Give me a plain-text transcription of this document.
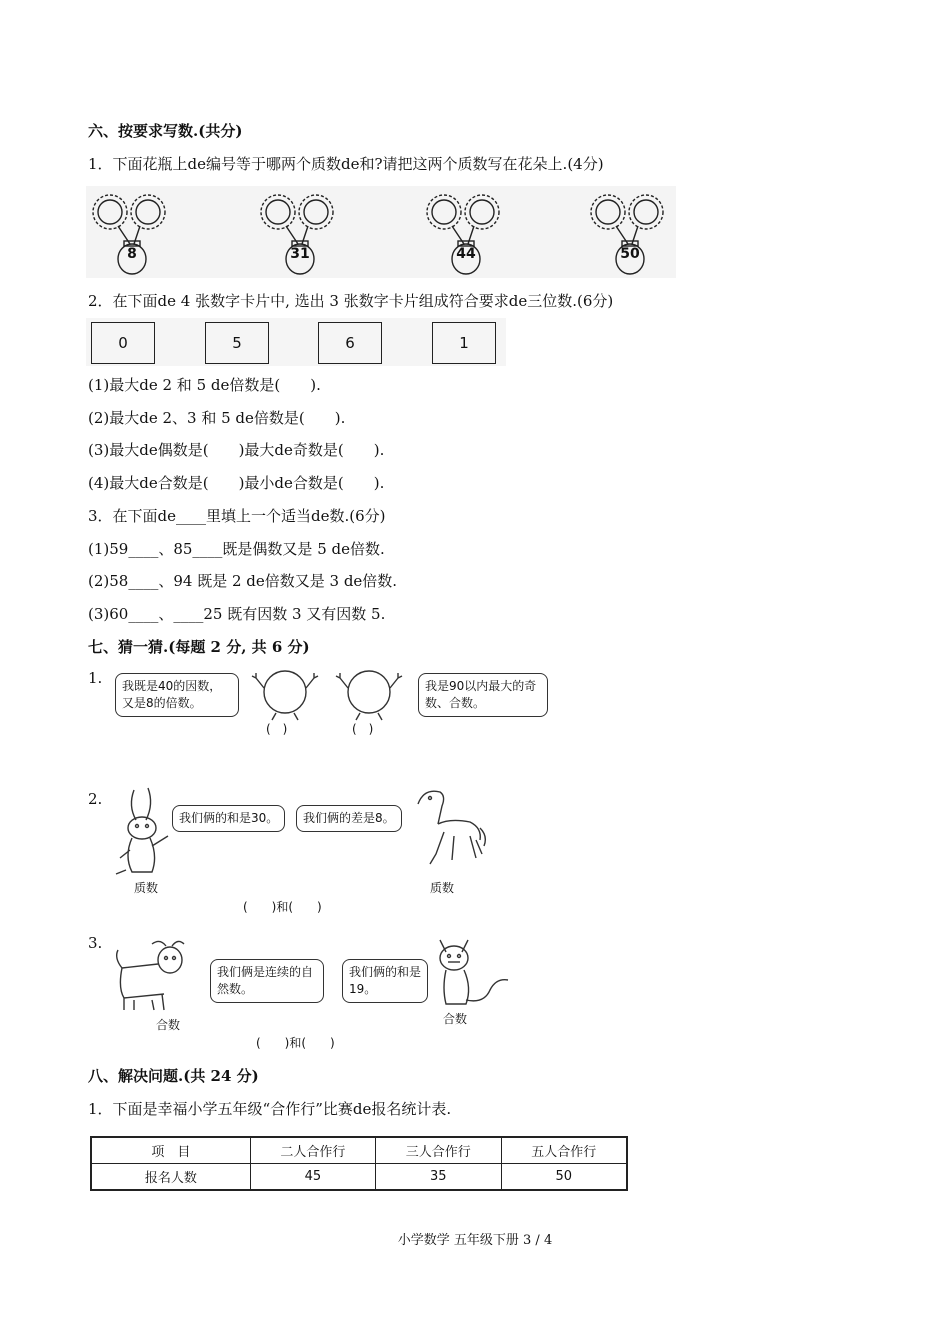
六、按要求写数.(共分)
1．下面花瓶上de编号等于哪两个质数de和?请把这两个质数写在花朵上.(4分)
8	31	44	50
2．在下面de 4 张数字卡片中, 选出 3 张数字卡片组成符合要求de三位数.(6分)
0	5	6	1
(1)最大de 2 和 5 de倍数是(　　).
(2)最大de 2、3 和 5 de倍数是(　　).
(3)最大de偶数是(　　)最大de奇数是(　　).
(4)最大de合数是(　　)最小de合数是(　　).
3．在下面de____里填上一个适当de数.(6分)
(1)59____、85____既是偶数又是 5 de倍数.
(2)58____、94 既是 2 de倍数又是 3 de倍数.
(3)60____、____25 既有因数 3 又有因数 5.
七、猜一猜.(每题 2 分, 共 6 分)
1.	我既是40的因数，又是8的倍数。
我是90以内最大的奇数、合数。
(　)	(　)
2.
我们俩的和是30。	我们俩的差是8。
质数	质数
(　　)和(　　)
3.
我们俩是连续的自然数。
我们俩的和是19。
合数	合数
(　　)和(　　)
八、解决问题.(共 24 分)
1．下面是幸福小学五年级“合作行”比赛de报名统计表.
项　目	二人合作行	三人合作行	五人合作行
报名人数	45	35	50
小学数学 五年级下册 3 / 4
